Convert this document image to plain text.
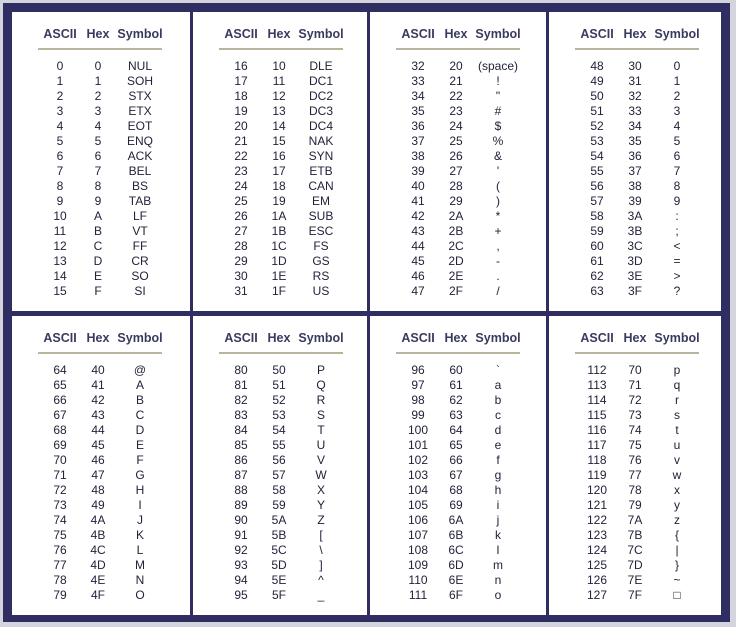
ASCII Hex Symbol
0	0	NUL
1	1	SOH
2	2	STX
3	3	ETX
4	4	EOT
5	5	ENQ
6	6	ACK
7	7	BEL
8	8	BS
9	9	TAB
10	A	LF
11	B	VT
12	C	FF
13	D	CR
14	E	SO
15	F	SI
ASCII Hex Symbol
16	10	DLE
17	11	DC1
18	12	DC2
19	13	DC3
20	14	DC4
21	15	NAK
22	16	SYN
23	17	ETB
24	18	CAN
25	19	EM
26	1A	SUB
27	1B	ESC
28	1C	FS
29	1D	GS
30	1E	RS
31	1F	US
ASCII Hex Symbol
32	20	(space)
33	21	!
34	22	"
35	23	#
36	24	$
37	25	%
38	26	&
39	27	'
40	28	(
41	29	)
42	2A	*
43	2B	+
44	2C	,
45	2D	-
46	2E	.
47	2F	/
ASCII Hex Symbol
48	30	0
49	31	1
50	32	2
51	33	3
52	34	4
53	35	5
54	36	6
55	37	7
56	38	8
57	39	9
58	3A	:
59	3B	;
60	3C	<
61	3D	=
62	3E	>
63	3F	?
ASCII Hex Symbol
64	40	@
65	41	A
66	42	B
67	43	C
68	44	D
69	45	E
70	46	F
71	47	G
72	48	H
73	49	I
74	4A	J
75	4B	K
76	4C	L
77	4D	M
78	4E	N
79	4F	O
ASCII Hex Symbol
80	50	P
81	51	Q
82	52	R
83	53	S
84	54	T
85	55	U
86	56	V
87	57	W
88	58	X
89	59	Y
90	5A	Z
91	5B	[
92	5C	\
93	5D	]
94	5E	^
95	5F	_
ASCII Hex Symbol
96	60	`
97	61	a
98	62	b
99	63	c
100	64	d
101	65	e
102	66	f
103	67	g
104	68	h
105	69	i
106	6A	j
107	6B	k
108	6C	l
109	6D	m
110	6E	n
111	6F	o
ASCII Hex Symbol
112	70	p
113	71	q
114	72	r
115	73	s
116	74	t
117	75	u
118	76	v
119	77	w
120	78	x
121	79	y
122	7A	z
123	7B	{
124	7C	|
125	7D	}
126	7E	~
127	7F	□
